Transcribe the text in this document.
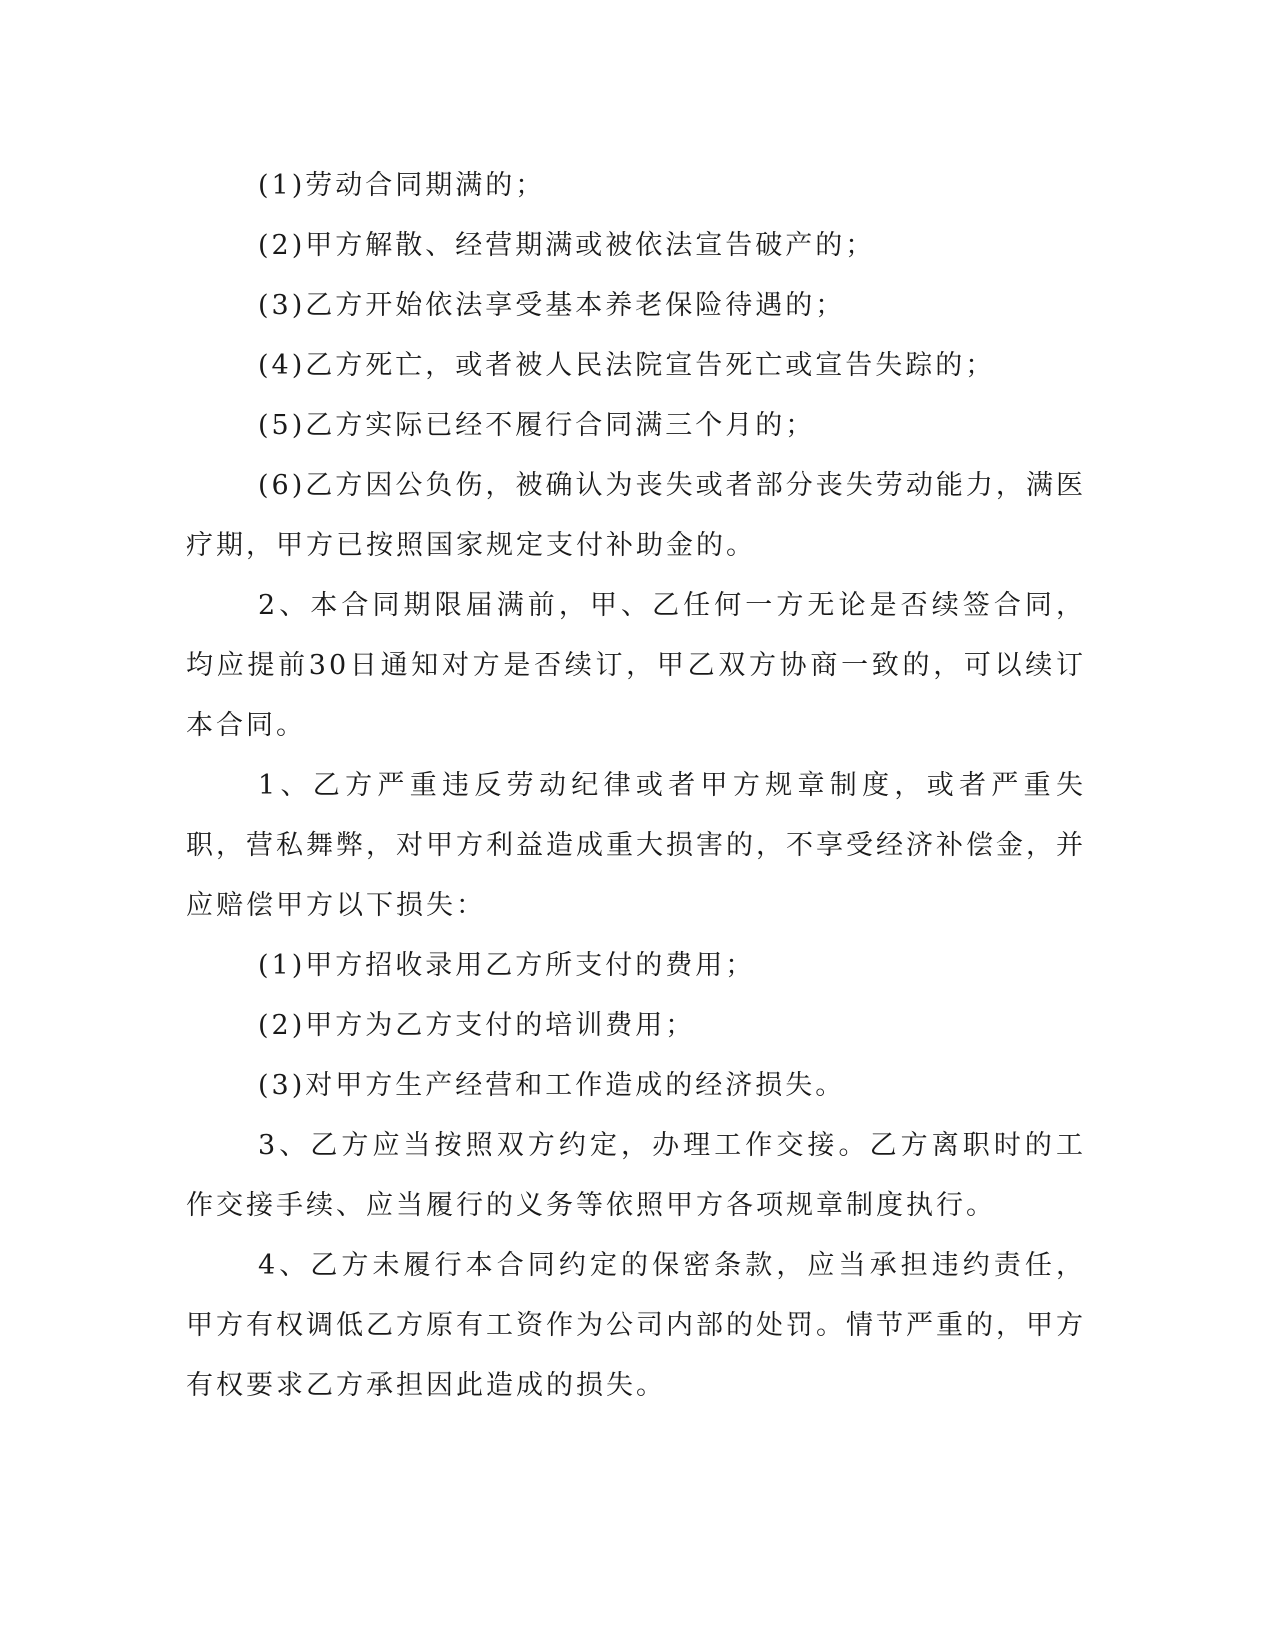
(1)劳动合同期满的；

(2)甲方解散、经营期满或被依法宣告破产的；

(3)乙方开始依法享受基本养老保险待遇的；

(4)乙方死亡，或者被人民法院宣告死亡或宣告失踪的；

(5)乙方实际已经不履行合同满三个月的；

(6)乙方因公负伤，被确认为丧失或者部分丧失劳动能力，满医疗期，甲方已按照国家规定支付补助金的。

2、本合同期限届满前，甲、乙任何一方无论是否续签合同，均应提前30日通知对方是否续订，甲乙双方协商一致的，可以续订本合同。

1、乙方严重违反劳动纪律或者甲方规章制度，或者严重失职，营私舞弊，对甲方利益造成重大损害的，不享受经济补偿金，并应赔偿甲方以下损失：

(1)甲方招收录用乙方所支付的费用；

(2)甲方为乙方支付的培训费用；

(3)对甲方生产经营和工作造成的经济损失。

3、乙方应当按照双方约定，办理工作交接。乙方离职时的工作交接手续、应当履行的义务等依照甲方各项规章制度执行。

4、乙方未履行本合同约定的保密条款，应当承担违约责任，甲方有权调低乙方原有工资作为公司内部的处罚。情节严重的，甲方有权要求乙方承担因此造成的损失。
